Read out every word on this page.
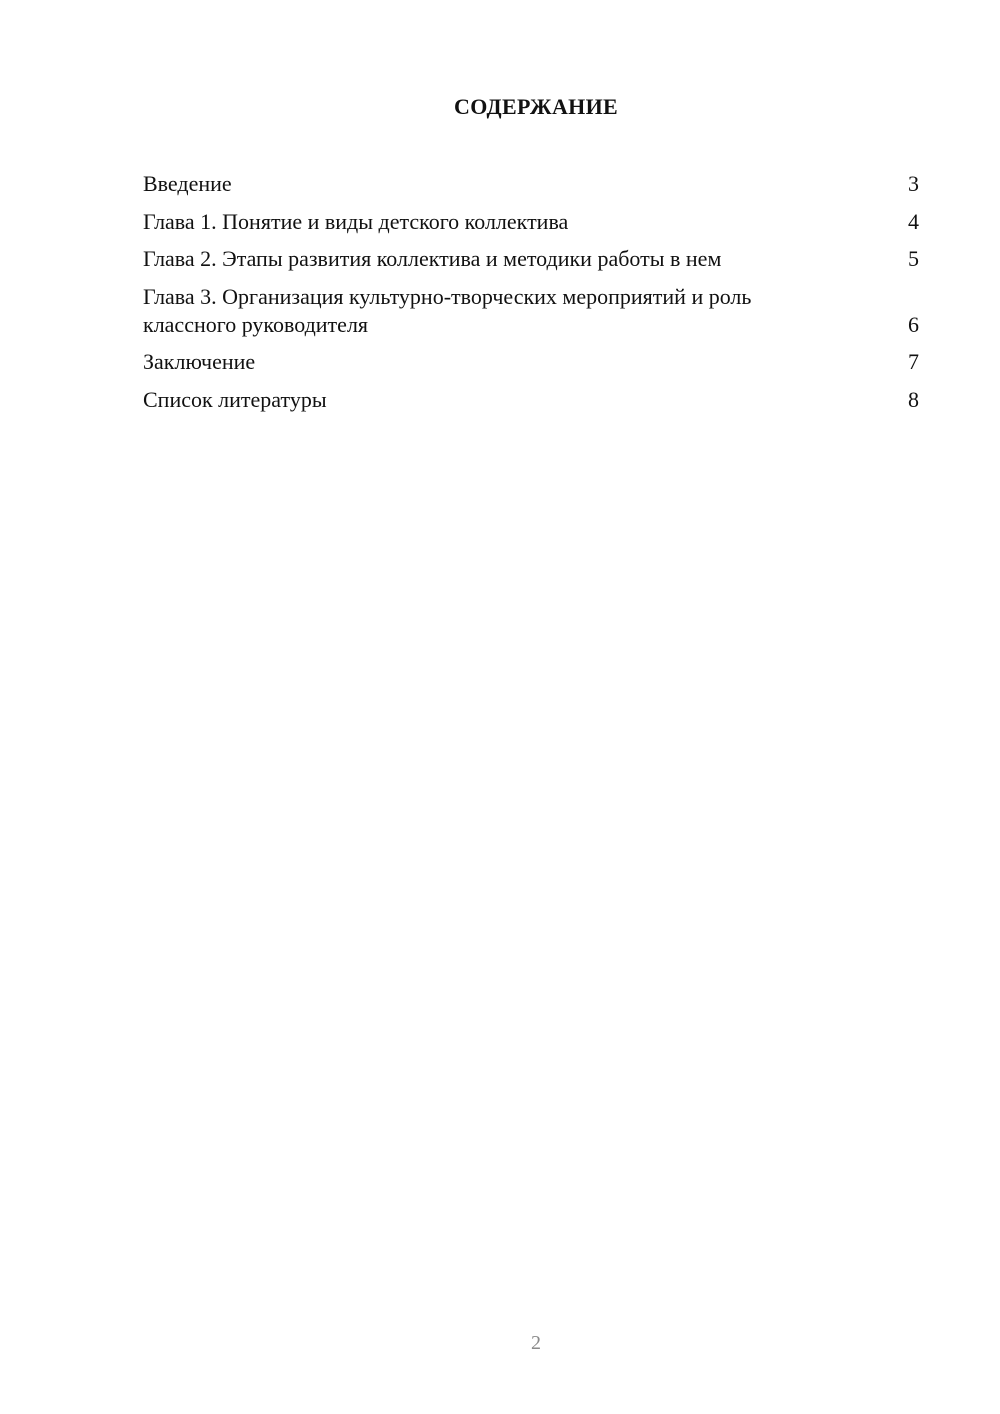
СОДЕРЖАНИЕ
Введение	3
Глава 1. Понятие и виды детского коллектива	4
Глава 2. Этапы развития коллектива и методики работы в нем	5
Глава 3. Организация культурно-творческих мероприятий и роль классного руководителя	6
Заключение	7
Список литературы	8
2
